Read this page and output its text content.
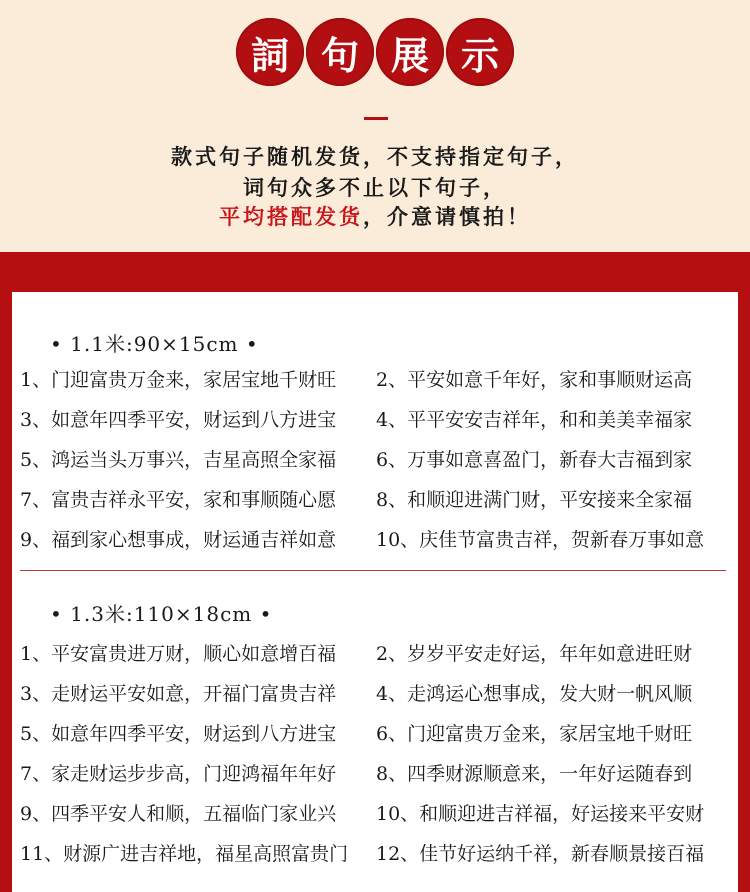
詞 句 展 示
款式句子随机发货，不支持指定句子，
词句众多不止以下句子，
平均搭配发货，介意请慎拍！
• 1.1米:90×15cm •
1、门迎富贵万金来，家居宝地千财旺	2、平安如意千年好，家和事顺财运高
3、如意年四季平安，财运到八方进宝	4、平平安安吉祥年，和和美美幸福家
5、鸿运当头万事兴，吉星高照全家福	6、万事如意喜盈门，新春大吉福到家
7、富贵吉祥永平安，家和事顺随心愿	8、和顺迎进满门财，平安接来全家福
9、福到家心想事成，财运通吉祥如意	10、庆佳节富贵吉祥，贺新春万事如意
• 1.3米:110×18cm •
1、平安富贵进万财，顺心如意增百福	2、岁岁平安走好运，年年如意进旺财
3、走财运平安如意，开福门富贵吉祥	4、走鸿运心想事成，发大财一帆风顺
5、如意年四季平安，财运到八方进宝	6、门迎富贵万金来，家居宝地千财旺
7、家走财运步步高，门迎鸿福年年好	8、四季财源顺意来，一年好运随春到
9、四季平安人和顺，五福临门家业兴	10、和顺迎进吉祥福，好运接来平安财
11、财源广进吉祥地，福星高照富贵门	12、佳节好运纳千祥，新春顺景接百福
